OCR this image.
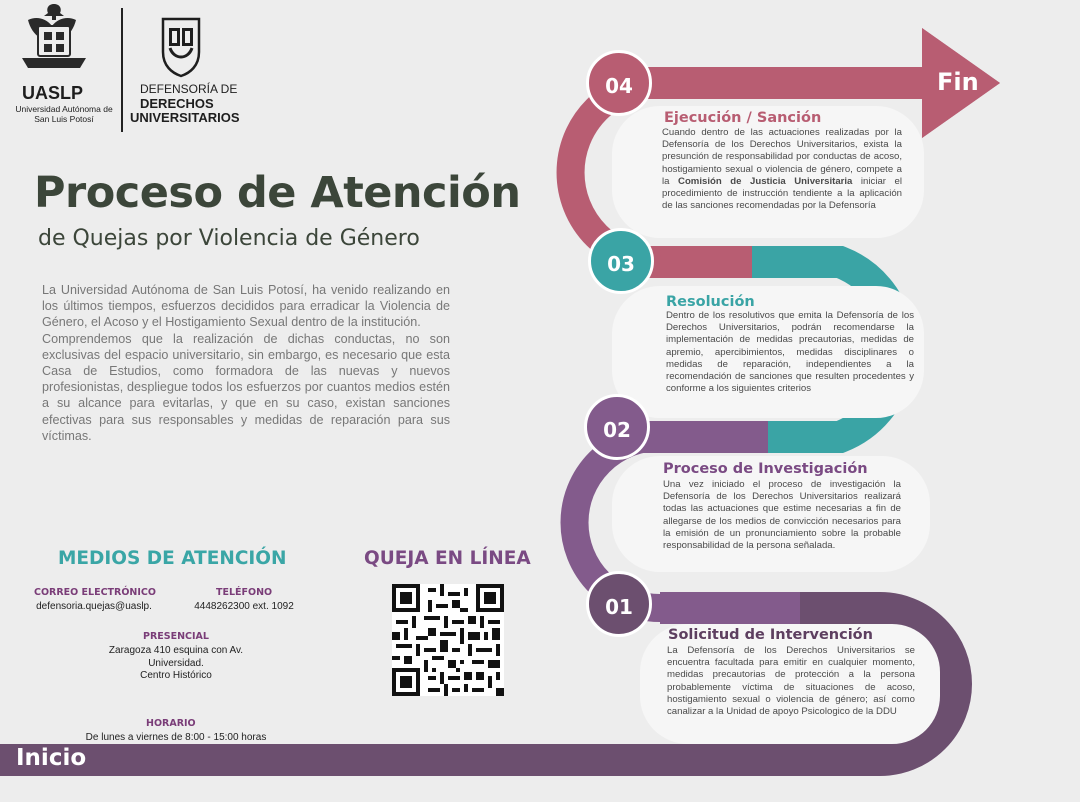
UASLP
Universidad Autónoma de San Luis Potosí
DEFENSORÍA DE
DERECHOS
UNIVERSITARIOS
Proceso de Atención
de Quejas por Violencia de Género

La Universidad Autónoma de San Luis Potosí, ha venido realizando en los últimos tiempos, esfuerzos decididos para erradicar la Violencia de Género, el Acoso y el Hostigamiento Sexual dentro de la institución.

Comprendemos que la realización de dichas conductas, no son exclusivas del espacio universitario, sin embargo, es necesario que esta Casa de Estudios, como formadora de las nuevas y nuevos profesionistas, despliegue todos los esfuerzos por cuantos medios estén a su alcance para evitarlas, y que en su caso, existan sanciones efectivas para sus responsables y medidas de reparación para sus víctimas.

MEDIOS DE ATENCIÓN
CORREO ELECTRÓNICO
defensoria.quejas@uaslp.
TELÉFONO
4448262300 ext. 1092
PRESENCIAL
Zaragoza 410 esquina con Av.
Universidad.
Centro Histórico
HORARIO
De lunes a viernes de 8:00 - 15:00 horas
QUEJA EN LÍNEA
Inicio
Fin
Ejecución / Sanción
Cuando dentro de las actuaciones realizadas por la Defensoría de los Derechos Universitarios, exista la presunción de responsabilidad por conductas de acoso, hostigamiento sexual o violencia de género, compete a la Comisión de Justicia Universitaria iniciar el procedimiento de instrucción tendiente a la aplicación de las sanciones recomendadas por la Defensoría
Resolución
Dentro de los resolutivos que emita la Defensoría de los Derechos Universitarios, podrán recomendarse la implementación de medidas precautorias, medidas de apremio, apercibimientos, medidas disciplinares o medidas de reparación, independientes a la recomendación de sanciones que resulten procedentes y conforme a los siguientes criterios
Proceso de Investigación
Una vez iniciado el proceso de investigación la Defensoría de los Derechos Universitarios realizará todas las actuaciones que estime necesarias a fin de allegarse de los medios de convicción necesarios para la emisión de un pronunciamiento sobre la probable responsabilidad de la persona señalada.
Solicitud de Intervención
La Defensoría de los Derechos Universitarios se encuentra facultada para emitir en cualquier momento, medidas precautorias de protección a la persona probablemente víctima de situaciones de acoso, hostigamiento sexual o violencia de género; así como canalizar a la Unidad de apoyo Psicologico de la DDU
04
03
02
01
